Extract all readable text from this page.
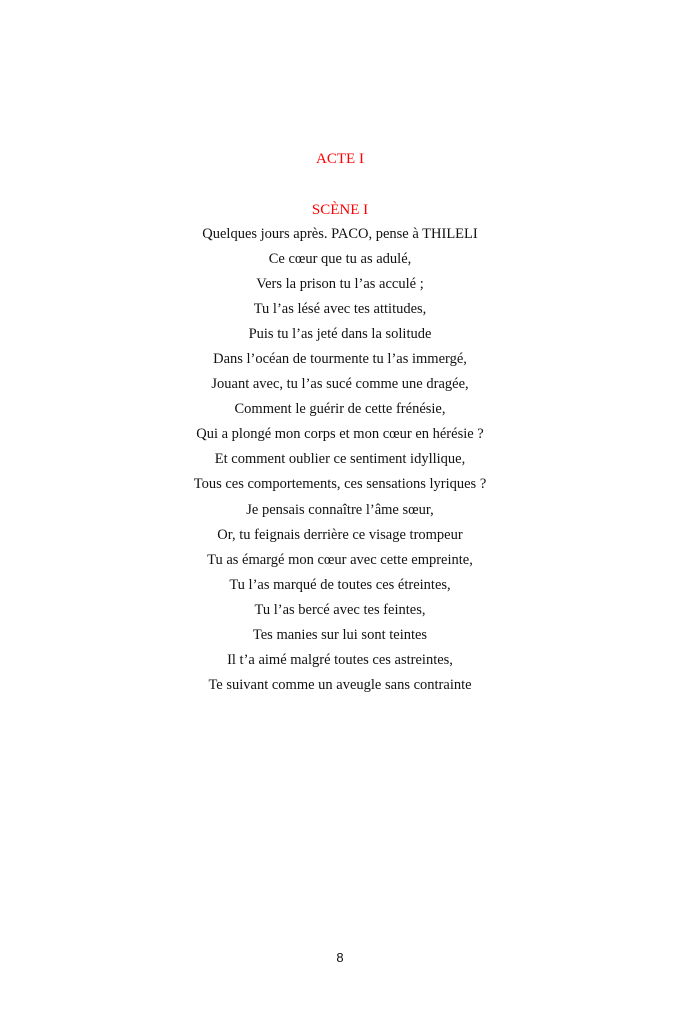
ACTE I
SCÈNE I
Quelques jours après. PACO, pense à THILELI
Ce cœur que tu as adulé,
Vers la prison tu l’as acculé ;
Tu l’as lésé avec tes attitudes,
Puis tu l’as jeté dans la solitude
Dans l’océan de tourmente tu l’as immergé,
Jouant avec, tu l’as sucé comme une dragée,
Comment le guérir de cette frénésie,
Qui a plongé mon corps et mon cœur en hérésie ?
Et comment oublier ce sentiment idyllique,
Tous ces comportements, ces sensations lyriques ?
Je pensais connaître l’âme sœur,
Or, tu feignais derrière ce visage trompeur
Tu as émargé mon cœur avec cette empreinte,
Tu l’as marqué de toutes ces étreintes,
Tu l’as bercé avec tes feintes,
Tes manies sur lui sont teintes
Il t’a aimé malgré toutes ces astreintes,
Te suivant comme un aveugle sans contrainte
8
